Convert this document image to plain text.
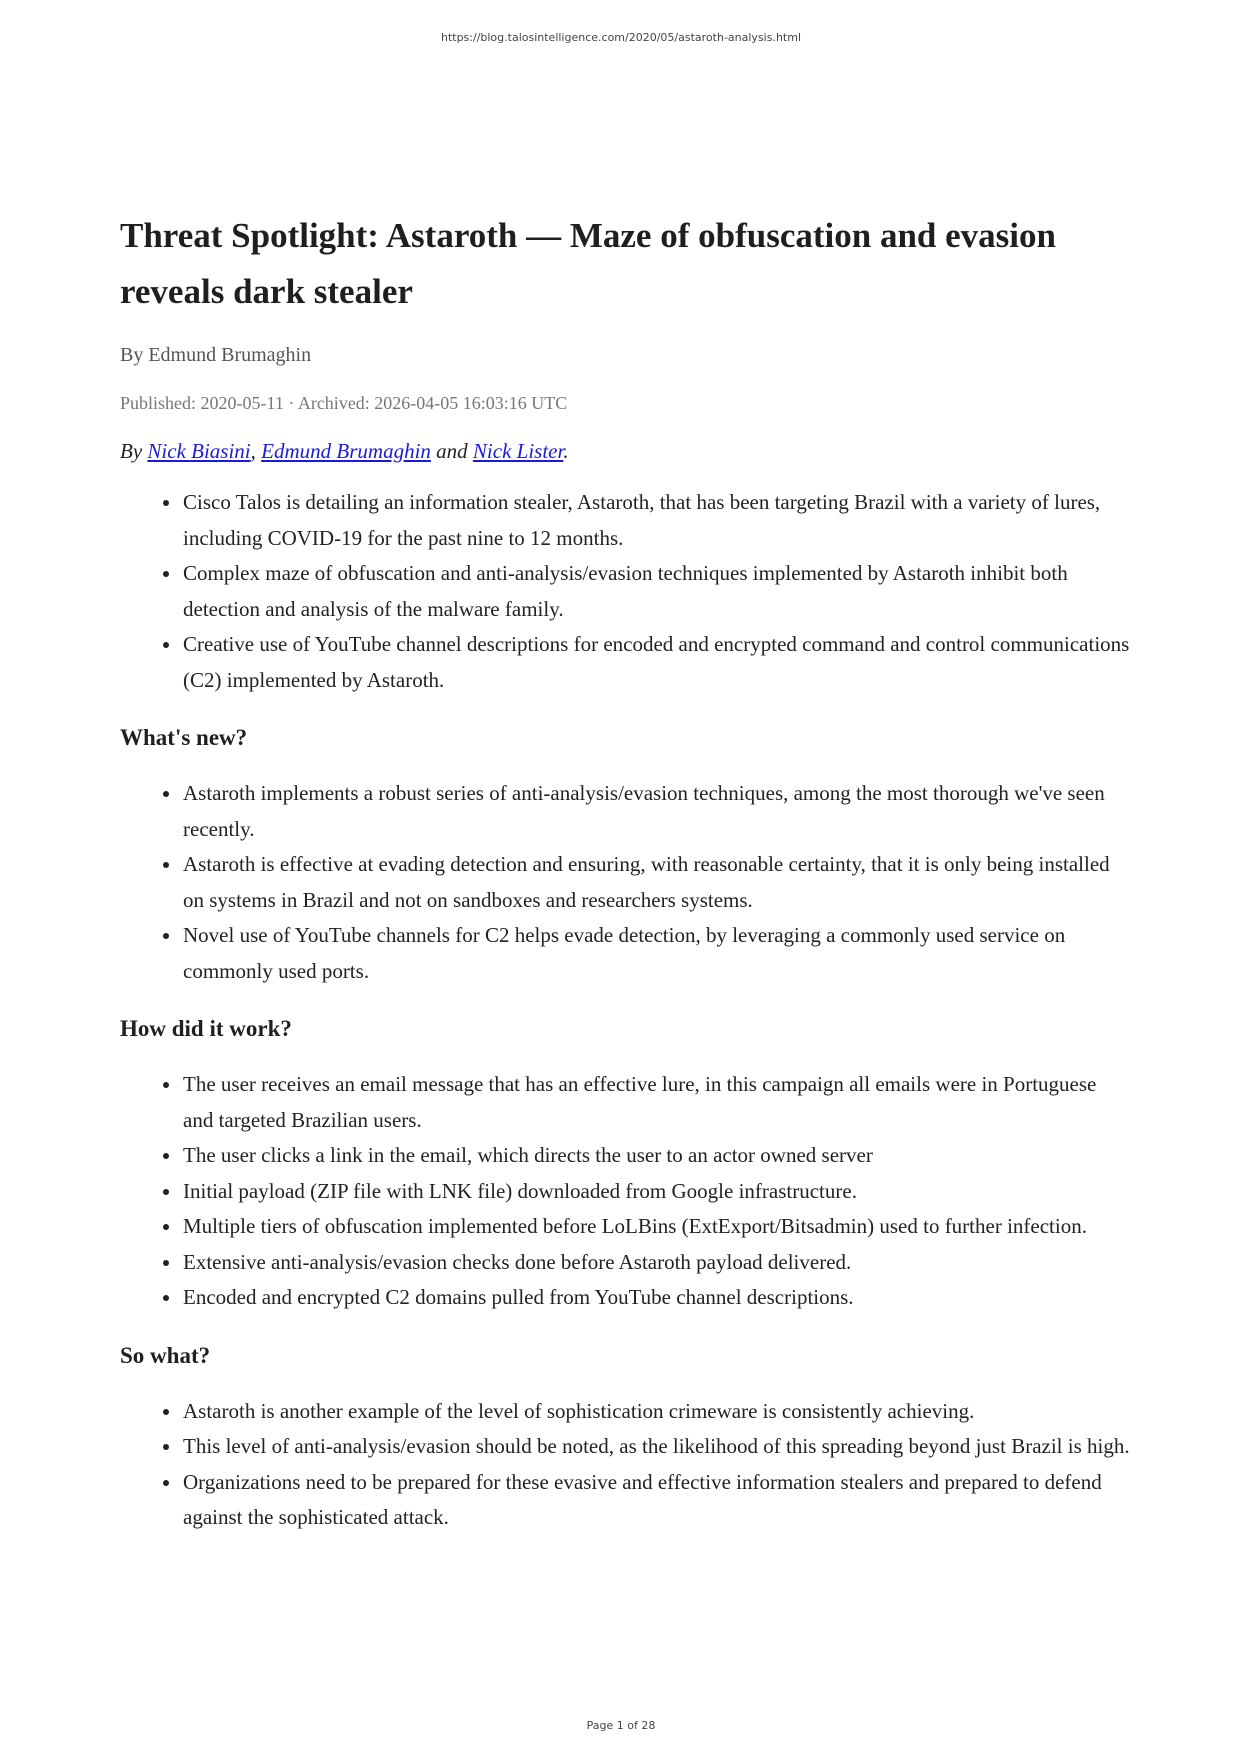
https://blog.talosintelligence.com/2020/05/astaroth-analysis.html
Threat Spotlight: Astaroth — Maze of obfuscation and evasion reveals dark stealer
By Edmund Brumaghin
Published: 2020-05-11 · Archived: 2026-04-05 16:03:16 UTC

By Nick Biasini, Edmund Brumaghin and Nick Lister.

Cisco Talos is detailing an information stealer, Astaroth, that has been targeting Brazil with a variety of lures, including COVID-19 for the past nine to 12 months.
Complex maze of obfuscation and anti-analysis/evasion techniques implemented by Astaroth inhibit both detection and analysis of the malware family.
Creative use of YouTube channel descriptions for encoded and encrypted command and control communications (C2) implemented by Astaroth.
What's new?
Astaroth implements a robust series of anti-analysis/evasion techniques, among the most thorough we've seen recently.
Astaroth is effective at evading detection and ensuring, with reasonable certainty, that it is only being installed on systems in Brazil and not on sandboxes and researchers systems.
Novel use of YouTube channels for C2 helps evade detection, by leveraging a commonly used service on commonly used ports.
How did it work?
The user receives an email message that has an effective lure, in this campaign all emails were in Portuguese and targeted Brazilian users.
The user clicks a link in the email, which directs the user to an actor owned server
Initial payload (ZIP file with LNK file) downloaded from Google infrastructure.
Multiple tiers of obfuscation implemented before LoLBins (ExtExport/Bitsadmin) used to further infection.
Extensive anti-analysis/evasion checks done before Astaroth payload delivered.
Encoded and encrypted C2 domains pulled from YouTube channel descriptions.
So what?
Astaroth is another example of the level of sophistication crimeware is consistently achieving.
This level of anti-analysis/evasion should be noted, as the likelihood of this spreading beyond just Brazil is high.
Organizations need to be prepared for these evasive and effective information stealers and prepared to defend against the sophisticated attack.
Page 1 of 28
